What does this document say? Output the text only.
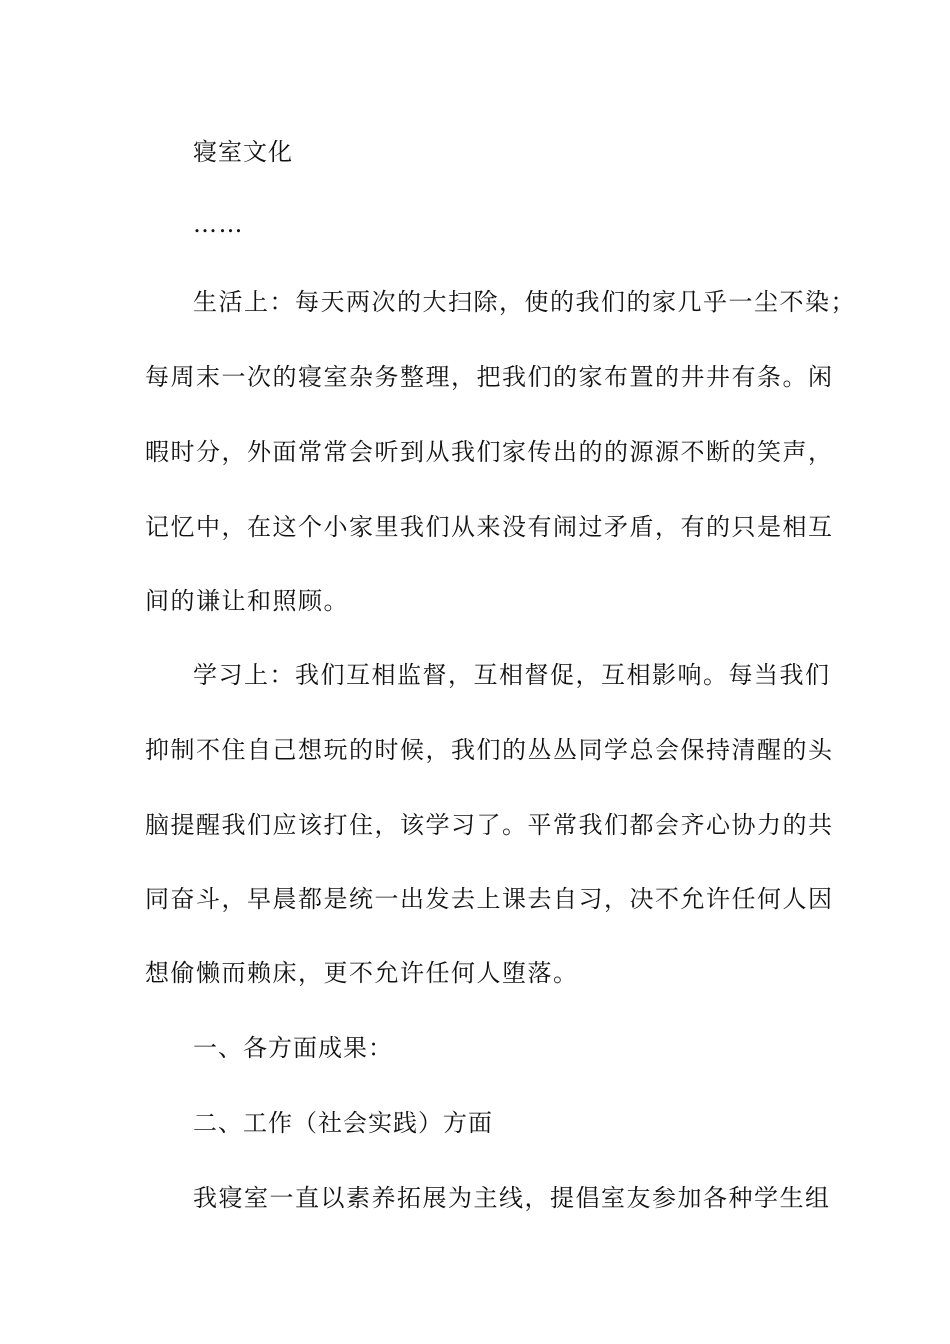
寝室文化
……
生活上：每天两次的大扫除，使的我们的家几乎一尘不染；
每周末一次的寝室杂务整理，把我们的家布置的井井有条。闲
暇时分，外面常常会听到从我们家传出的的源源不断的笑声，
记忆中，在这个小家里我们从来没有闹过矛盾，有的只是相互
间的谦让和照顾。
学习上：我们互相监督，互相督促，互相影响。每当我们
抑制不住自己想玩的时候，我们的丛丛同学总会保持清醒的头
脑提醒我们应该打住，该学习了。平常我们都会齐心协力的共
同奋斗，早晨都是统一出发去上课去自习，决不允许任何人因
想偷懒而赖床，更不允许任何人堕落。
一、各方面成果：
二、工作（社会实践）方面
我寝室一直以素养拓展为主线，提倡室友参加各种学生组
